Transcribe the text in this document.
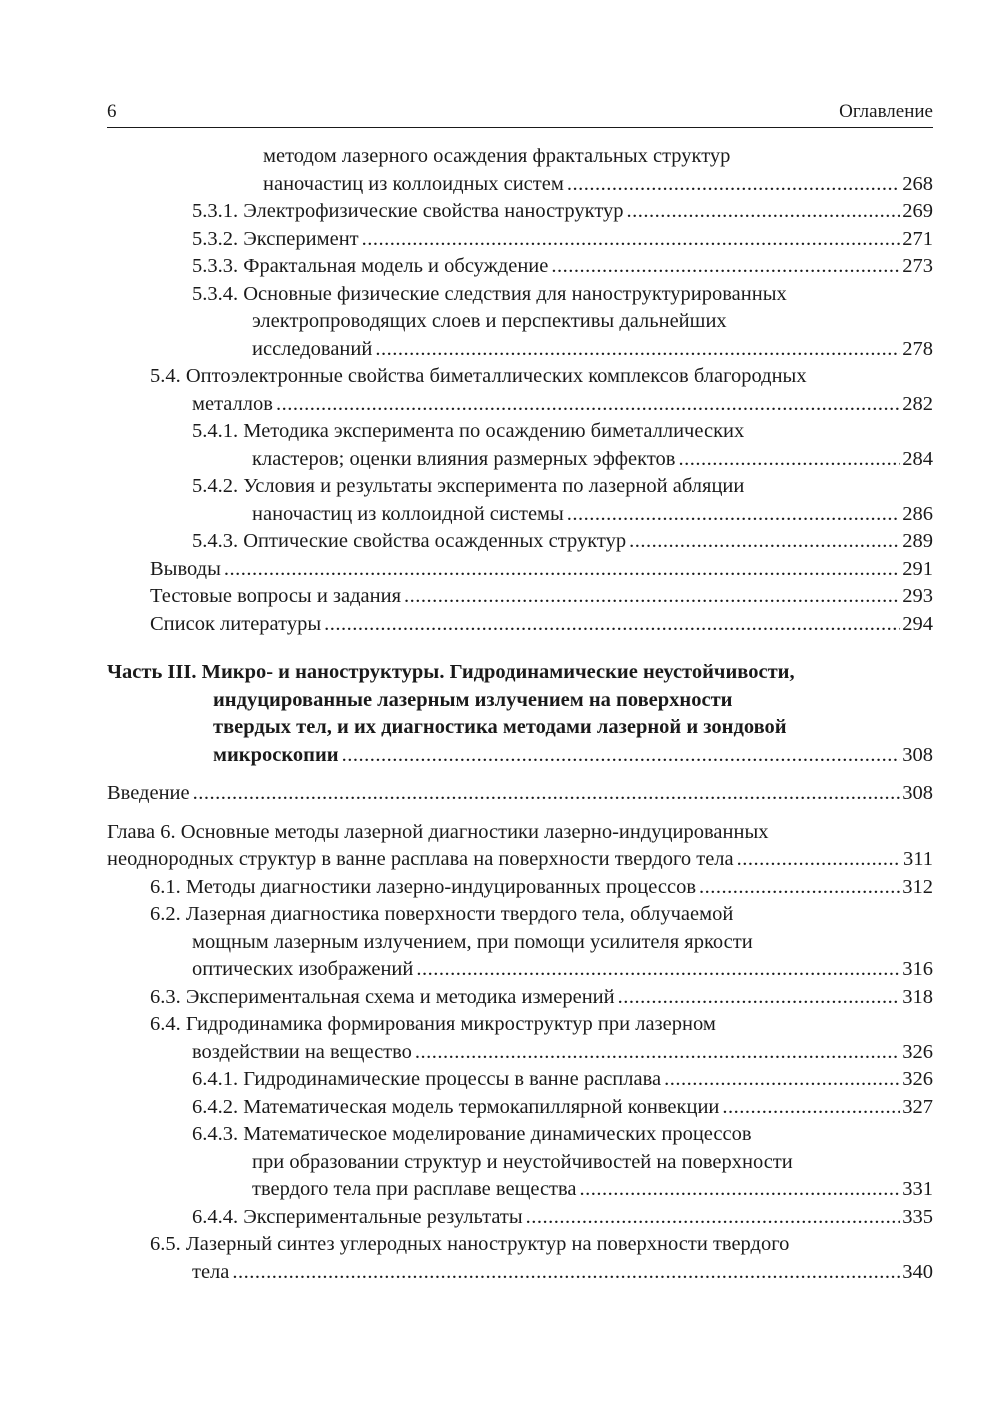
6	Оглавление
методом лазерного осаждения фрактальных структур
наночастиц из коллоидных систем .....	268
5.3.1. Электрофизические свойства наноструктур .....	269
5.3.2. Эксперимент .....	271
5.3.3. Фрактальная модель и обсуждение .....	273
5.3.4. Основные физические следствия для наноструктурированных
электропроводящих слоев и перспективы дальнейших
исследований .....	278
5.4. Оптоэлектронные свойства биметаллических комплексов благородных
металлов .....	282
5.4.1. Методика эксперимента по осаждению биметаллических
кластеров; оценки влияния размерных эффектов .....	284
5.4.2. Условия и результаты эксперимента по лазерной абляции
наночастиц из коллоидной системы .....	286
5.4.3. Оптические свойства осажденных структур .....	289
Выводы .....	291
Тестовые вопросы и задания .....	293
Список литературы .....	294
Часть III. Микро- и наноструктуры. Гидродинамические неустойчивости,
индуцированные лазерным излучением на поверхности
твердых тел, и их диагностика методами лазерной и зондовой
микроскопии .....	308
Введение .....	308
Глава 6. Основные методы лазерной диагностики лазерно-индуцированных
неоднородных структур в ванне расплава на поверхности твердого тела .....	311
6.1. Методы диагностики лазерно-индуцированных процессов .....	312
6.2. Лазерная диагностика поверхности твердого тела, облучаемой
мощным лазерным излучением, при помощи усилителя яркости
оптических изображений .....	316
6.3. Экспериментальная схема и методика измерений .....	318
6.4. Гидродинамика формирования микроструктур при лазерном
воздействии на вещество .....	326
6.4.1. Гидродинамические процессы в ванне расплава .....	326
6.4.2. Математическая модель термокапиллярной конвекции .....	327
6.4.3. Математическое моделирование динамических процессов
при образовании структур и неустойчивостей на поверхности
твердого тела при расплаве вещества .....	331
6.4.4. Экспериментальные результаты .....	335
6.5. Лазерный синтез углеродных наноструктур на поверхности твердого
тела .....	340
